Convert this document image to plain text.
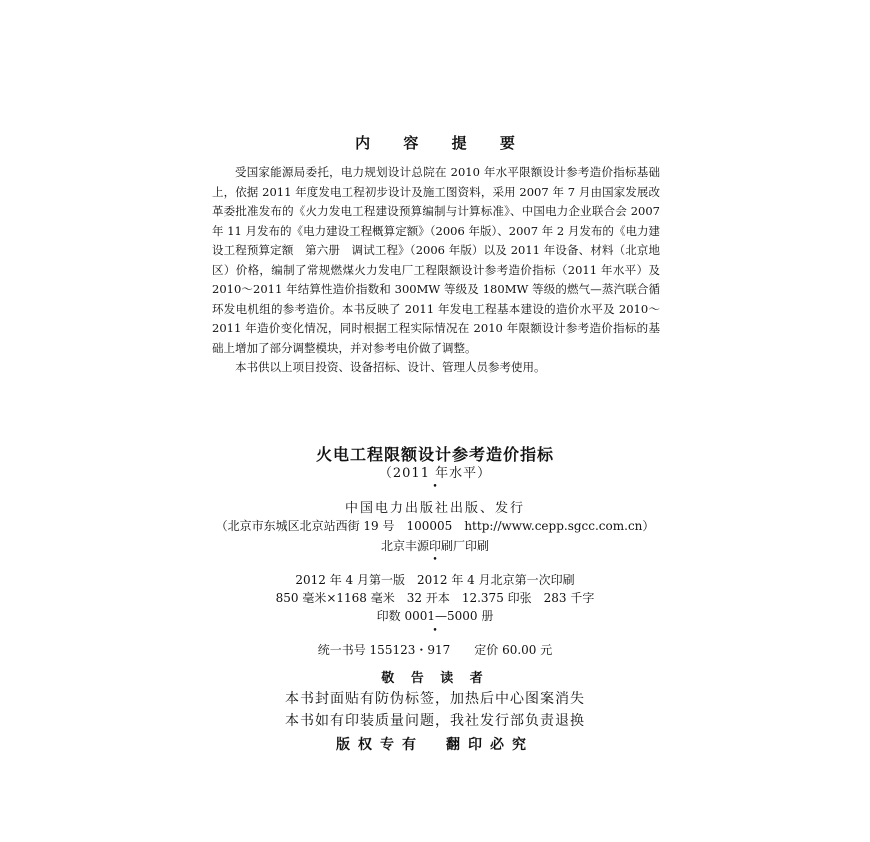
内 容 提 要

受国家能源局委托，电力规划设计总院在 2010 年水平限额设计参考造价指标基础上，依据 2011 年度发电工程初步设计及施工图资料，采用 2007 年 7 月由国家发展改革委批准发布的《火力发电工程建设预算编制与计算标准》、中国电力企业联合会 2007 年 11 月发布的《电力建设工程概算定额》（2006 年版）、2007 年 2 月发布的《电力建设工程预算定额　第六册　调试工程》（2006 年版）以及 2011 年设备、材料（北京地区）价格，编制了常规燃煤火力发电厂工程限额设计参考造价指标（2011 年水平）及 2010～2011 年结算性造价指数和 300MW 等级及 180MW 等级的燃气—蒸汽联合循环发电机组的参考造价。本书反映了 2011 年发电工程基本建设的造价水平及 2010～2011 年造价变化情况，同时根据工程实际情况在 2010 年限额设计参考造价指标的基础上增加了部分调整模块，并对参考电价做了调整。

本书供以上项目投资、设备招标、设计、管理人员参考使用。

火电工程限额设计参考造价指标
（2011 年水平）
•
中国电力出版社出版、发行
（北京市东城区北京站西街 19 号　100005　http://www.cepp.sgcc.com.cn）
北京丰源印刷厂印刷
•
2012 年 4 月第一版　2012 年 4 月北京第一次印刷
850 毫米×1168 毫米　32 开本　12.375 印张　283 千字
印数 0001—5000 册
•
统一书号 155123・917　　定价 60.00 元
敬 告 读 者
本书封面贴有防伪标签，加热后中心图案消失
本书如有印装质量问题，我社发行部负责退换
版权专有　翻印必究
